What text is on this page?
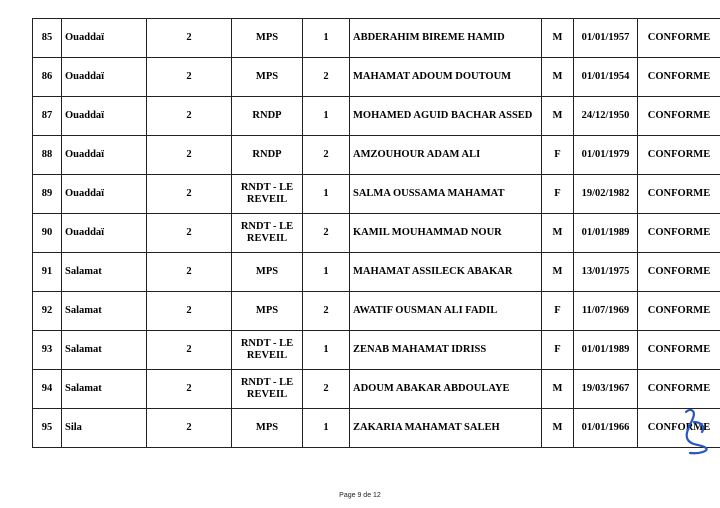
85	Ouaddaï	2	MPS	1	ABDERAHIM BIREME HAMID	M	01/01/1957	CONFORME
86	Ouaddaï	2	MPS	2	MAHAMAT ADOUM DOUTOUM	M	01/01/1954	CONFORME
87	Ouaddaï	2	RNDP	1	MOHAMED AGUID BACHAR ASSED	M	24/12/1950	CONFORME
88	Ouaddaï	2	RNDP	2	AMZOUHOUR ADAM ALI	F	01/01/1979	CONFORME
89	Ouaddaï	2	RNDT - LE REVEIL	1	SALMA OUSSAMA MAHAMAT	F	19/02/1982	CONFORME
90	Ouaddaï	2	RNDT - LE REVEIL	2	KAMIL MOUHAMMAD NOUR	M	01/01/1989	CONFORME
91	Salamat	2	MPS	1	MAHAMAT ASSILECK ABAKAR	M	13/01/1975	CONFORME
92	Salamat	2	MPS	2	AWATIF OUSMAN ALI FADIL	F	11/07/1969	CONFORME
93	Salamat	2	RNDT - LE REVEIL	1	ZENAB MAHAMAT IDRISS	F	01/01/1989	CONFORME
94	Salamat	2	RNDT - LE REVEIL	2	ADOUM ABAKAR ABDOULAYE	M	19/03/1967	CONFORME
95	Sila	2	MPS	1	ZAKARIA MAHAMAT SALEH	M	01/01/1966	CONFORME
Page 9 de 12
